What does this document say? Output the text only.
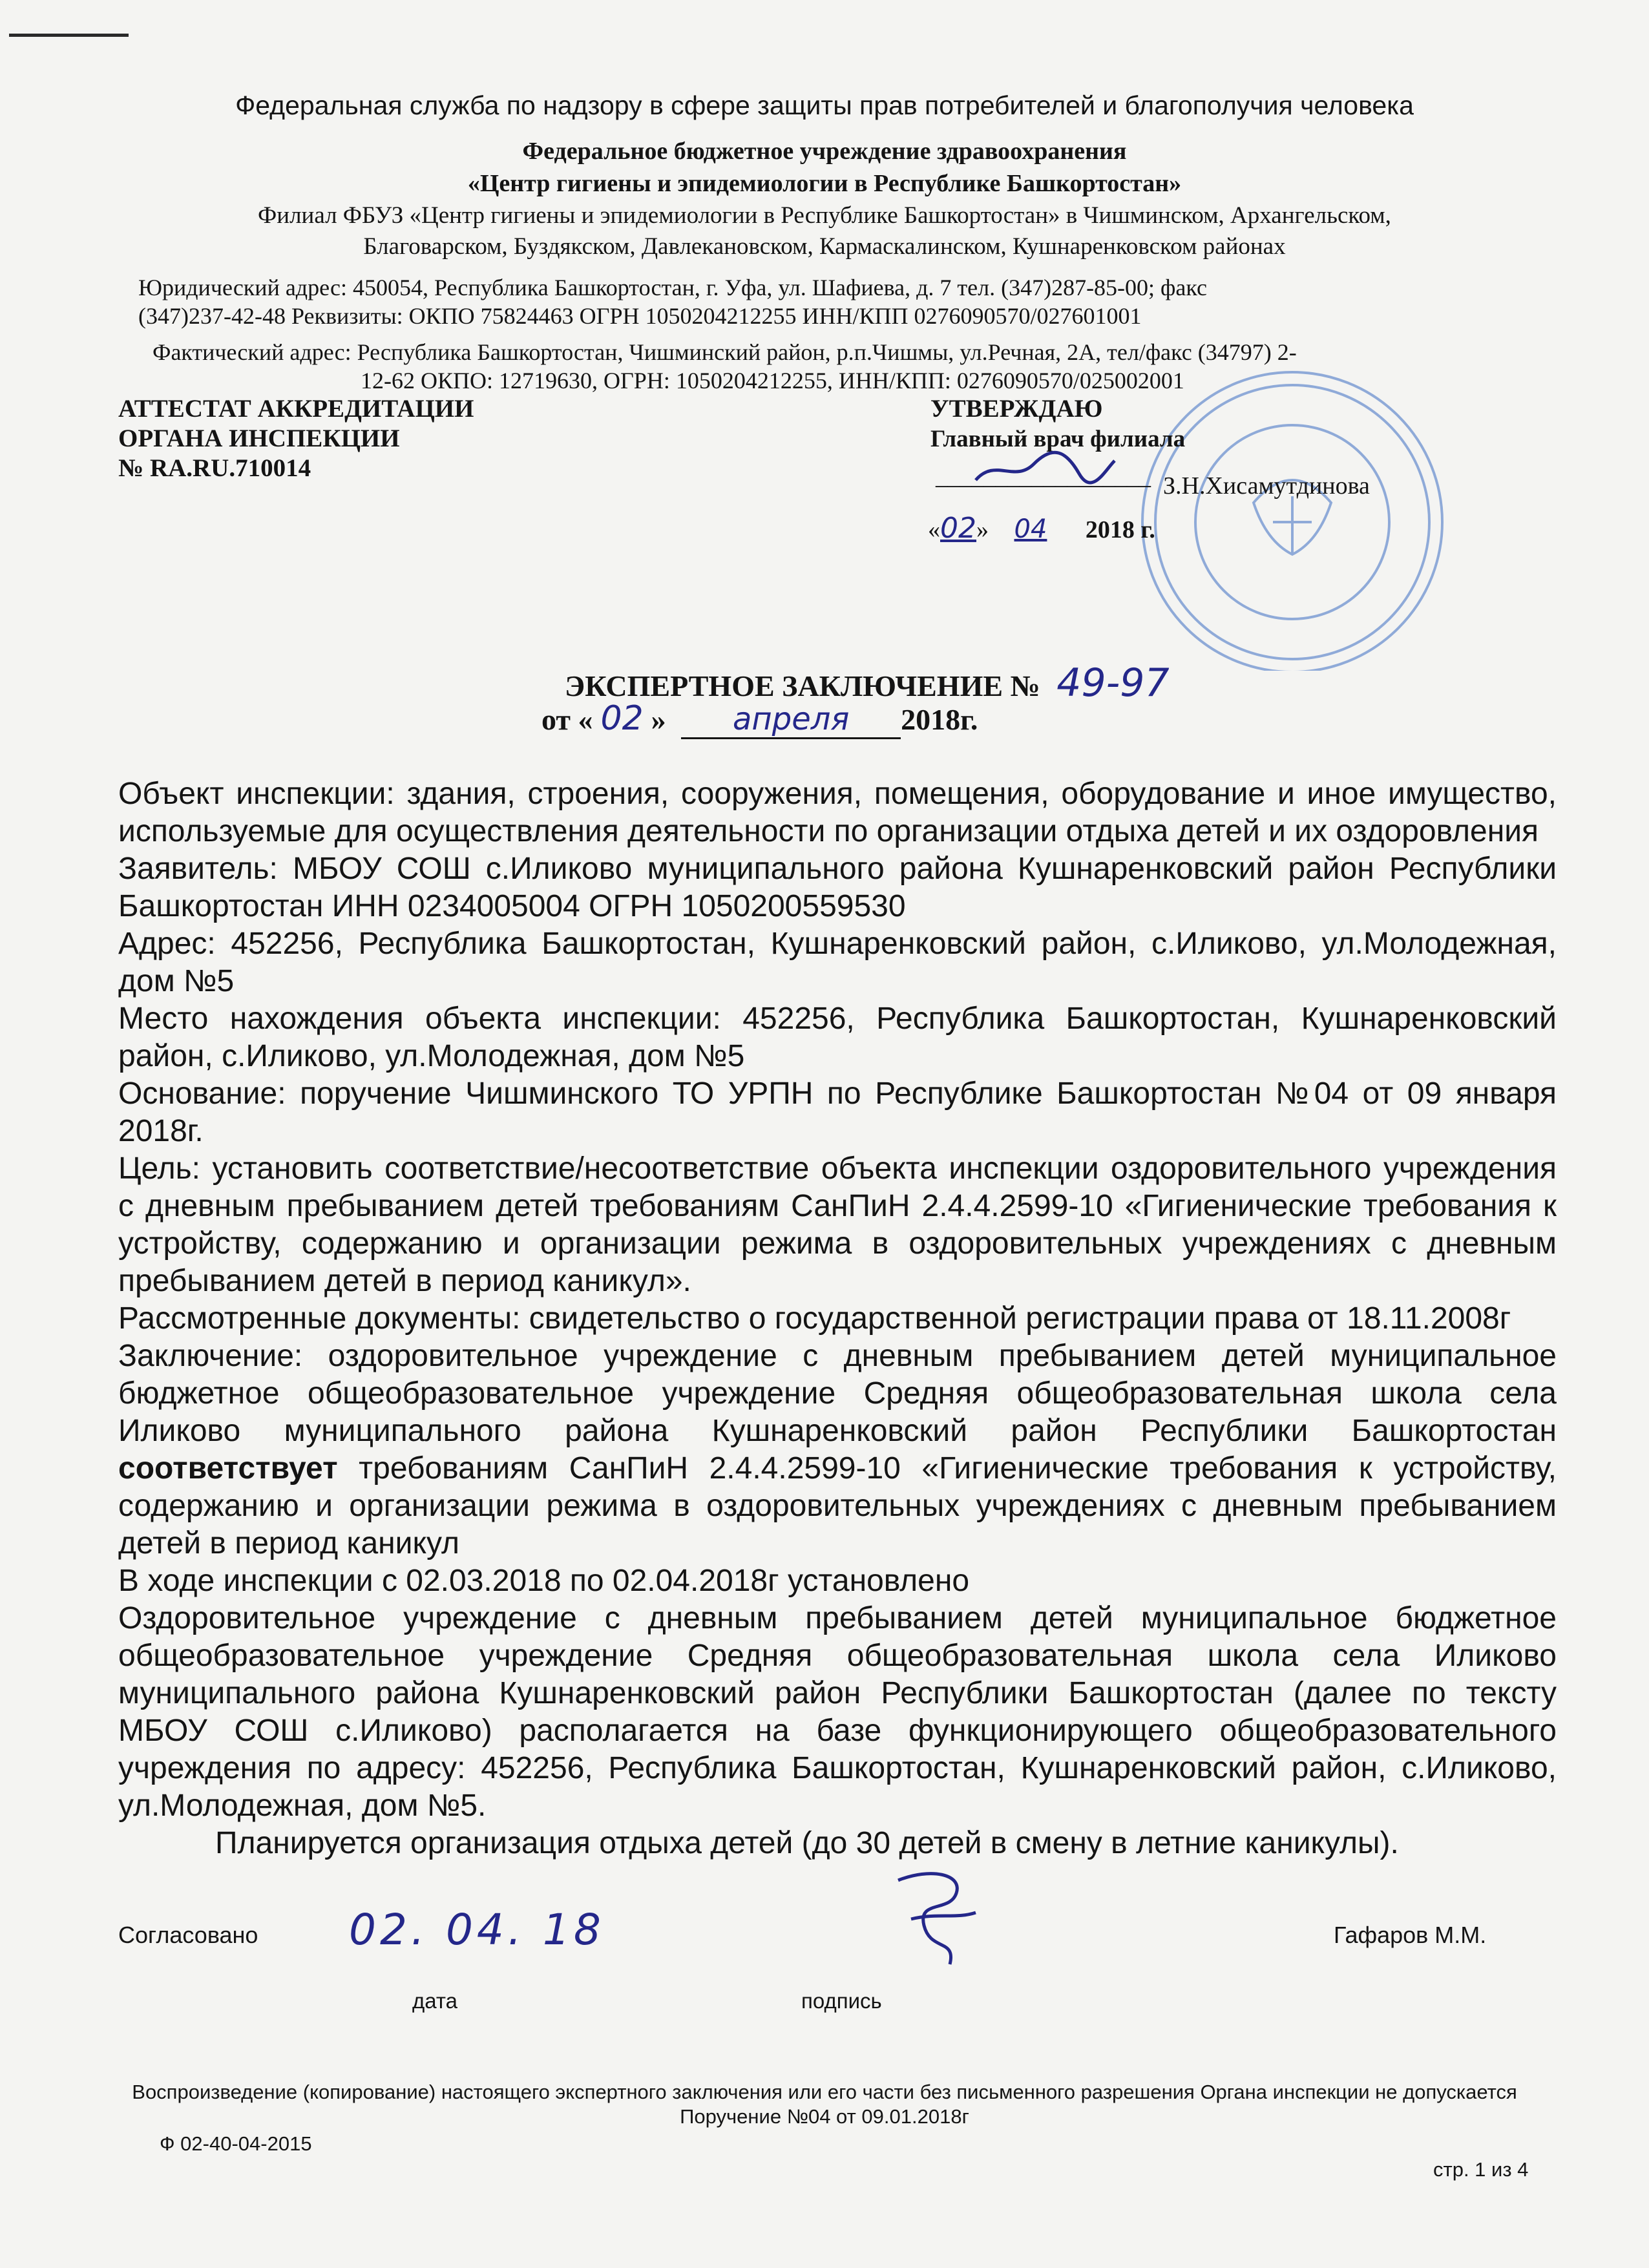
Федеральная служба по надзору в сфере защиты прав потребителей и благополучия человека
Федеральное бюджетное учреждение здравоохранения
«Центр гигиены и эпидемиологии в Республике Башкортостан»
Филиал ФБУЗ «Центр гигиены и эпидемиологии в Республике Башкортостан» в Чишминском, Архангельском,
Благоварском, Буздякском, Давлекановском, Кармаскалинском, Кушнаренковском районах
Юридический адрес: 450054, Республика Башкортостан, г. Уфа, ул. Шафиева, д. 7 тел. (347)287-85-00; факс
(347)237-42-48 Реквизиты: ОКПО 75824463 ОГРН 1050204212255 ИНН/КПП 0276090570/027601001
Фактический адрес: Республика Башкортостан, Чишминский район, р.п.Чишмы, ул.Речная, 2А, тел/факс (34797) 2-
12-62 ОКПО: 12719630, ОГРН: 1050204212255, ИНН/КПП: 0276090570/025002001
АТТЕСТАТ АККРЕДИТАЦИИ
ОРГАНА ИНСПЕКЦИИ
№ RA.RU.710014
УТВЕРЖДАЮ
Главный врач филиала
__________________ З.Н.Хисамутдинова
«02» 04 2018 г.
ЭКСПЕРТНОЕ ЗАКЛЮЧЕНИЕ № 49-97
от « 02 » апреля 2018г.

Объект инспекции: здания, строения, сооружения, помещения, оборудование и иное имущество, используемые для осуществления деятельности по организации отдыха детей и их оздоровления

Заявитель: МБОУ СОШ с.Иликово муниципального района Кушнаренковский район Республики Башкортостан ИНН 0234005004 ОГРН 1050200559530

Адрес: 452256, Республика Башкортостан, Кушнаренковский район, с.Иликово, ул.Молодежная, дом №5

Место нахождения объекта инспекции: 452256, Республика Башкортостан, Кушнаренковский район, с.Иликово, ул.Молодежная, дом №5

Основание: поручение Чишминского ТО УРПН по Республике Башкортостан №04 от 09 января 2018г.

Цель: установить соответствие/несоответствие объекта инспекции оздоровительного учреждения с дневным пребыванием детей требованиям СанПиН 2.4.4.2599-10 «Гигиенические требования к устройству, содержанию и организации режима в оздоровительных учреждениях с дневным пребыванием детей в период каникул».

Рассмотренные документы: свидетельство о государственной регистрации права от 18.11.2008г

Заключение: оздоровительное учреждение с дневным пребыванием детей муниципальное бюджетное общеобразовательное учреждение Средняя общеобразовательная школа села Иликово муниципального района Кушнаренковский район Республики Башкортостан соответствует требованиям СанПиН 2.4.4.2599-10 «Гигиенические требования к устройству, содержанию и организации режима в оздоровительных учреждениях с дневным пребыванием детей в период каникул

В ходе инспекции с 02.03.2018 по 02.04.2018г установлено

Оздоровительное учреждение с дневным пребыванием детей муниципальное бюджетное общеобразовательное учреждение Средняя общеобразовательная школа села Иликово муниципального района Кушнаренковский район Республики Башкортостан (далее по тексту МБОУ СОШ с.Иликово) располагается на базе функционирующего общеобразовательного учреждения по адресу: 452256, Республика Башкортостан, Кушнаренковский район, с.Иликово, ул.Молодежная, дом №5.

Планируется организация отдыха детей (до 30 детей в смену в летние каникулы).

Согласовано 02. 04. 18	Гафаров М.М.
дата	подпись
Воспроизведение (копирование) настоящего экспертного заключения или его части без письменного разрешения Органа инспекции не допускается
Поручение №04 от 09.01.2018г
Ф 02-40-04-2015
стр. 1 из 4
